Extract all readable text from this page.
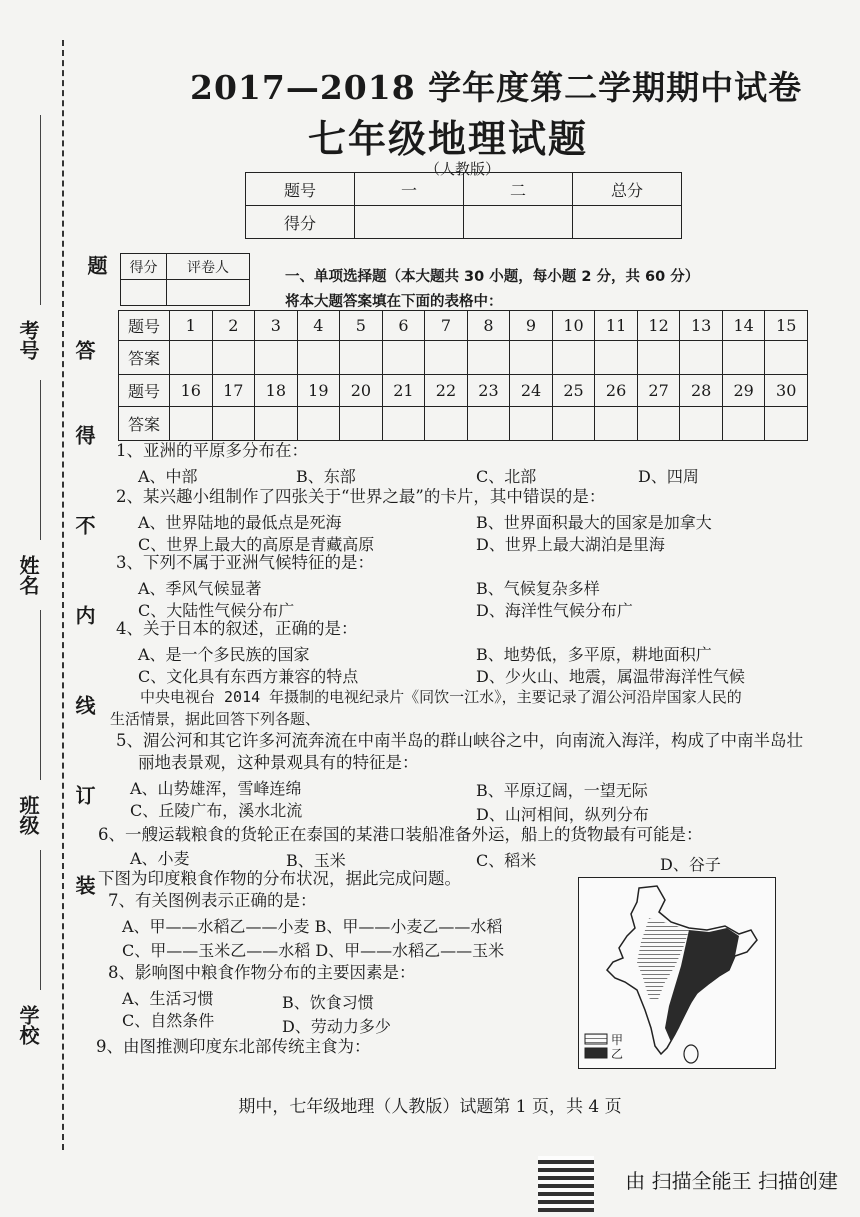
学校
班级
姓名
考号
装
订
线
内
不
得
答
题
2017—2018 学年度第二学期期中试卷
七年级地理试题
（人教版）
题号	一	二	总分
得分			
得分	评卷人

一、单项选择题（本大题共 30 小题，每小题 2 分，共 60 分）
将本大题答案填在下面的表格中：
题号	1	2	3	4	5	6	7	8	9	10	11	12	13	14	15
答案															
题号	16	17	18	19	20	21	22	23	24	25	26	27	28	29	30
答案															
1、亚洲的平原多分布在：
A、中部	B、东部	C、北部	D、四周
2、某兴趣小组制作了四张关于“世界之最”的卡片，其中错误的是：
A、世界陆地的最低点是死海	B、世界面积最大的国家是加拿大
C、世界上最大的高原是青藏高原	D、世界上最大湖泊是里海
3、下列不属于亚洲气候特征的是：
A、季风气候显著	B、气候复杂多样
C、大陆性气候分布广	D、海洋性气候分布广
4、关于日本的叙述，正确的是：
A、是一个多民族的国家	B、地势低，多平原，耕地面积广
C、文化具有东西方兼容的特点	D、少火山、地震，属温带海洋性气候
中央电视台 2014 年摄制的电视纪录片《同饮一江水》，主要记录了湄公河沿岸国家人民的
生活情景，据此回答下列各题、
5、湄公河和其它许多河流奔流在中南半岛的群山峡谷之中，向南流入海洋，构成了中南半岛壮
丽地表景观，这种景观具有的特征是：
A、山势雄浑，雪峰连绵	B、平原辽阔，一望无际
C、丘陵广布，溪水北流	D、山河相间，纵列分布
6、一艘运载粮食的货轮正在泰国的某港口装船准备外运，船上的货物最有可能是：
A、小麦	B、玉米	C、稻米	D、谷子
下图为印度粮食作物的分布状况，据此完成问题。
7、有关图例表示正确的是：
A、甲——水稻乙——小麦 B、甲——小麦乙——水稻
C、甲——玉米乙——水稻 D、甲——水稻乙——玉米
8、影响图中粮食作物分布的主要因素是：
A、生活习惯	B、饮食习惯
C、自然条件	D、劳动力多少
9、由图推测印度东北部传统主食为：	甲
乙
期中，七年级地理（人教版）试题第 1 页，共 4 页
由 扫描全能王 扫描创建
